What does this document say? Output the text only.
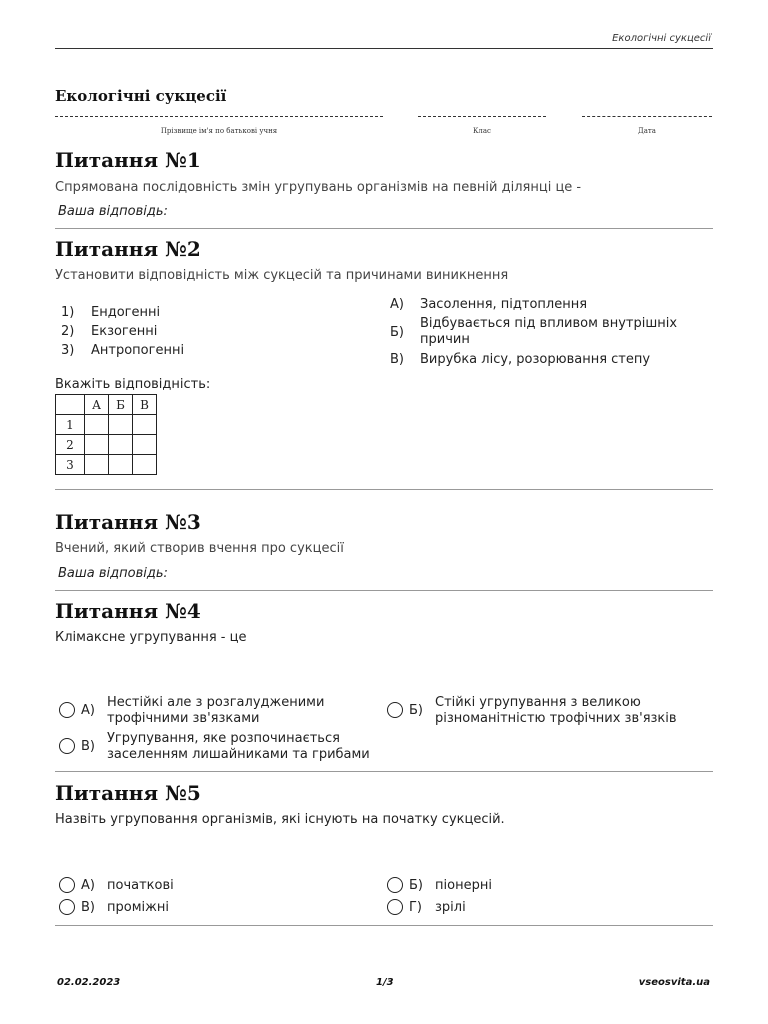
Екологічні сукцесії
Екологічні сукцесії
Прізвище ім'я по батькові учня	Клас	Дата
Питання №1
Спрямована послідовність змін угрупувань організмів на певній ділянці це -
Ваша відповідь:
Питання №2
Установити відповідність між сукцесій та причинами виникнення
1)	Ендогенні
2)	Екзогенні
3)	Антропогенні
А)	Засолення, підтоплення
Б)
Відбувається під впливом внутрішніх причин
В)	Вирубка лісу, розорювання степу
Вкажіть відповідність:
	А	Б	В
1			
2			
3			
Питання №3
Вчений, який створив вчення про сукцесії
Ваша відповідь:
Питання №4
Клімаксне угрупування - це
А)
Нестійкі але з розгалудженими трофічними зв'язками
Б)
Стійкі угрупування з великою різноманітністю трофічних зв'язків
В)
Угрупування, яке розпочинається заселенням лишайниками та грибами
Питання №5
Назвіть угруповання організмів, які існують на початку сукцесій.
А) початкові	Б) піонерні
В) проміжні	Г)	зрілі
02.02.2023	1/3	vseosvita.ua
